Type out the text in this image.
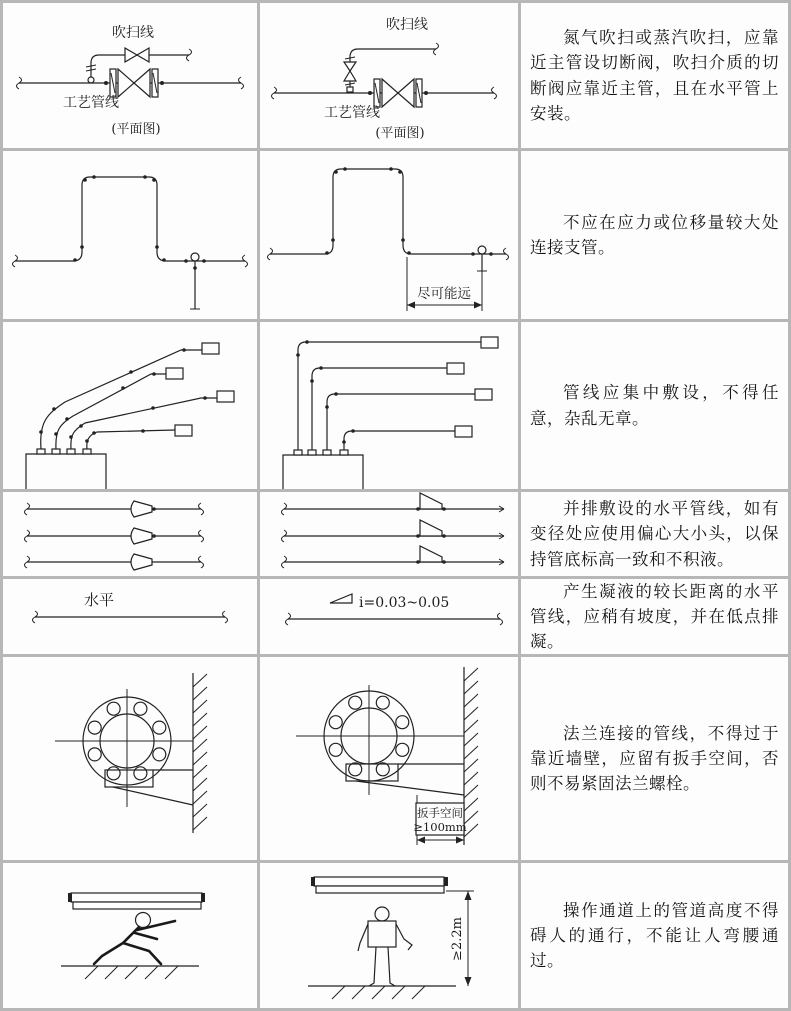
吹扫线
工艺管线
(平面图)
吹扫线
工艺管线
(平面图)

氮气吹扫或蒸汽吹扫，应靠近主管设切断阀，吹扫介质的切断阀应靠近主管，且在水平管上安装。

尽可能远

不应在应力或位移量较大处连接支管。

管线应集中敷设，不得任意，杂乱无章。

并排敷设的水平管线，如有变径处应使用偏心大小头，以保持管底标高一致和不积液。

水平	i=0.03~0.05

产生凝液的较长距离的水平管线，应稍有坡度，并在低点排凝。

扳手空间
≥100mm

法兰连接的管线，不得过于靠近墙壁，应留有扳手空间，否则不易紧固法兰螺栓。

≥2.2m

操作通道上的管道高度不得碍人的通行，不能让人弯腰通过。
